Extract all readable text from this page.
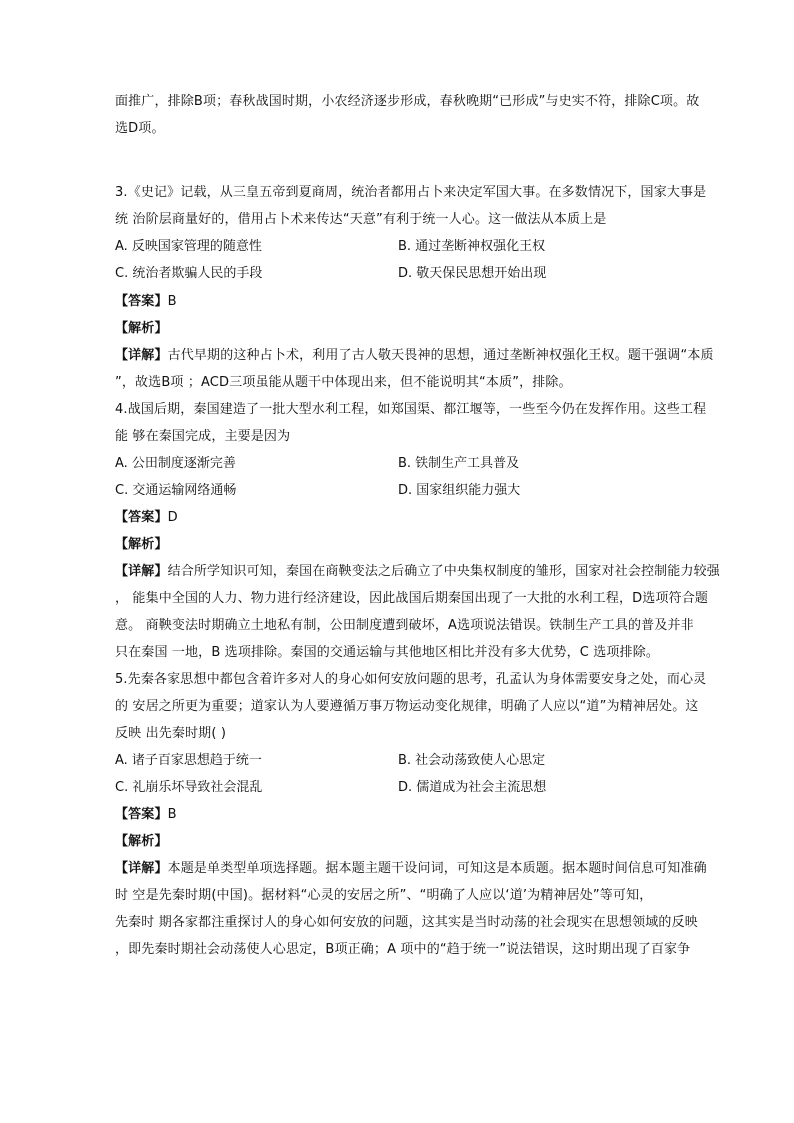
面推广，排除B项；春秋战国时期，小农经济逐步形成，春秋晚期“已形成”与史实不符，排除C项。故
选D项。
3.《史记》记载，从三皇五帝到夏商周，统治者都用占卜来决定军国大事。在多数情况下，国家大事是
统 治阶层商量好的，借用占卜术来传达“天意”有利于统一人心。这一做法从本质上是
A. 反映国家管理的随意性	B. 通过垄断神权强化王权
C. 统治者欺骗人民的手段	D. 敬天保民思想开始出现
【答案】B
【解析】
【详解】古代早期的这种占卜术，利用了古人敬天畏神的思想，通过垄断神权强化王权。题干强调“本质
”，故选B项 ；ACD三项虽能从题干中体现出来，但不能说明其“本质”，排除。
4.战国后期，秦国建造了一批大型水利工程，如郑国渠、都江堰等，一些至今仍在发挥作用。这些工程
能 够在秦国完成，主要是因为
A. 公田制度逐渐完善	B. 铁制生产工具普及
C. 交通运输网络通畅	D. 国家组织能力强大
【答案】D
【解析】
【详解】结合所学知识可知，秦国在商鞅变法之后确立了中央集权制度的雏形，国家对社会控制能力较强
， 能集中全国的人力、物力进行经济建设，因此战国后期秦国出现了一大批的水利工程，D选项符合题
意。 商鞅变法时期确立土地私有制，公田制度遭到破坏，A选项说法错误。铁制生产工具的普及并非
只在秦国 一地，B 选项排除。秦国的交通运输与其他地区相比并没有多大优势，C 选项排除。
5.先秦各家思想中都包含着许多对人的身心如何安放问题的思考，孔孟认为身体需要安身之处，而心灵
的 安居之所更为重要；道家认为人要遵循万事万物运动变化规律，明确了人应以“道”为精神居处。这
反映 出先秦时期( )
A. 诸子百家思想趋于统一	B. 社会动荡致使人心思定
C. 礼崩乐坏导致社会混乱	D. 儒道成为社会主流思想
【答案】B
【解析】
【详解】本题是单类型单项选择题。据本题主题干设问词，可知这是本质题。据本题时间信息可知准确
时 空是先秦时期(中国)。据材料“心灵的安居之所”、“明确了人应以‘道’为精神居处”等可知，
先秦时 期各家都注重探讨人的身心如何安放的问题，这其实是当时动荡的社会现实在思想领域的反映
，即先秦时期社会动荡使人心思定，B项正确；A 项中的“趋于统一”说法错误，这时期出现了百家争
